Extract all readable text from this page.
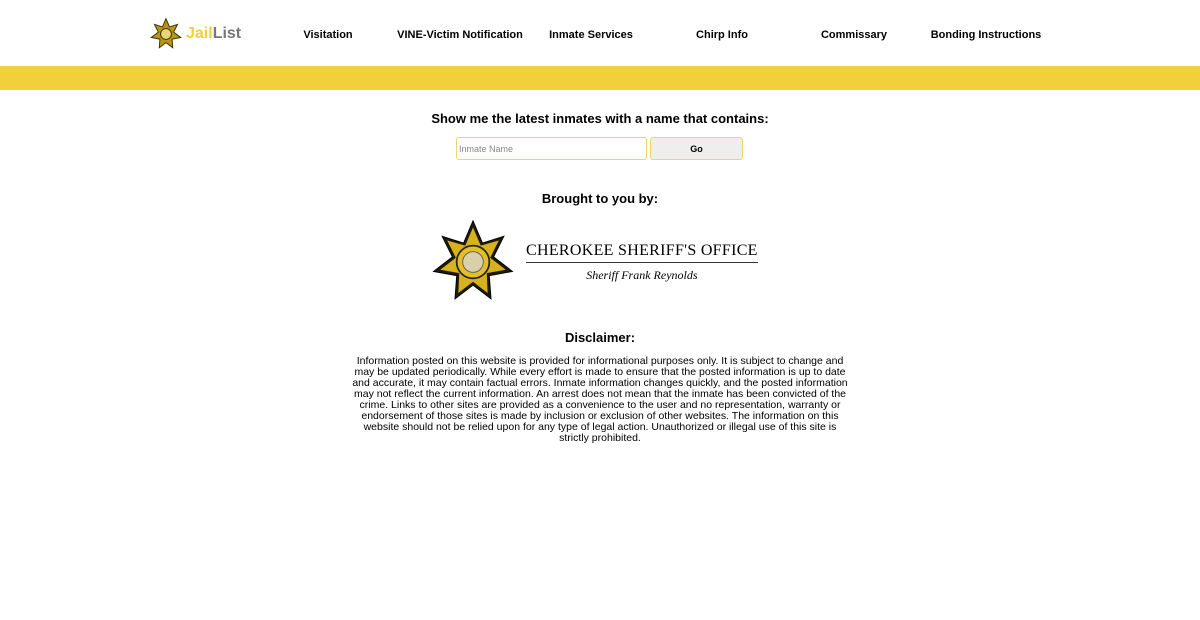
JailList	Visitation	VINE-Victim Notification Inmate Services	Chirp Info	Commissary	Bonding Instructions
Show me the latest inmates with a name that contains:
Inmate Name
Go
Brought to you by:
CHEROKEE SHERIFF'S OFFICE
Sheriff Frank Reynolds
Disclaimer:

Information posted on this website is provided for informational purposes only. It is subject to change and may be updated periodically. While every effort is made to ensure that the posted information is up to date and accurate, it may contain factual errors. Inmate information changes quickly, and the posted information may not reflect the current information. An arrest does not mean that the inmate has been convicted of the crime. Links to other sites are provided as a convenience to the user and no representation, warranty or endorsement of those sites is made by inclusion or exclusion of other websites. The information on this website should not be relied upon for any type of legal action. Unauthorized or illegal use of this site is strictly prohibited.
